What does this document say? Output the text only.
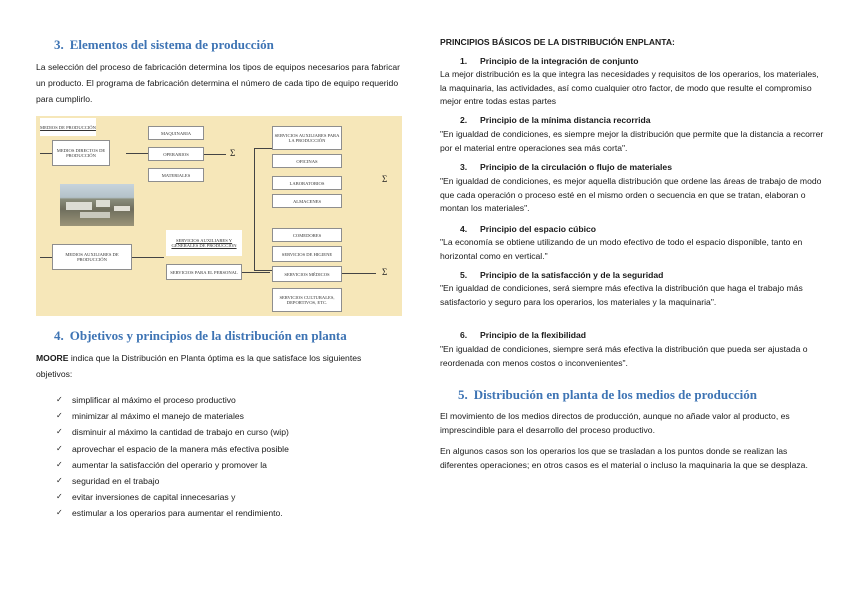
3. Elementos del sistema de producción

La selección del proceso de fabricación determina los tipos de equipos necesarios para fabricar un producto. El programa de fabricación determina el número de cada tipo de equipo requerido para cumplirlo.

MEDIOS DE PRODUCCIÓN
MEDIOS DIRECTOS DE PRODUCCIÓN
MEDIOS AUXILIARES DE PRODUCCIÓN
MAQUINARIA
OPERARIOS
MATERIALES
Σ
SERVICIOS AUXILIARES PARA LA PRODUCCIÓN
OFICINAS
LABORATORIOS
ALMACENES
Σ
SERVICIOS AUXILIARES Y GENERALES DE PRODUCCIÓN
SERVICIOS PARA EL PERSONAL
COMEDORES
SERVICIOS DE HIGIENE
SERVICIOS MÉDICOS
SERVICIOS CULTURALES, DEPORTIVOS, ETC.
Σ
4. Objetivos y principios de la distribución en planta

MOORE indica que la Distribución en Planta óptima es la que satisface los siguientes objetivos:

✓ simplificar al máximo el proceso productivo
✓ minimizar al máximo el manejo de materiales
✓ disminuir al máximo la cantidad de trabajo en curso (wip)
✓ aprovechar el espacio de la manera más efectiva posible
✓ aumentar la satisfacción del operario y promover la
✓ seguridad en el trabajo
✓ evitar inversiones de capital innecesarias y
✓ estimular a los operarios para aumentar el rendimiento.
PRINCIPIOS BÁSICOS DE LA DISTRIBUCIÓN ENPLANTA:
1. Principio de la integración de conjunto

La mejor distribución es la que integra las necesidades y requisitos de los operarios, los materiales, la maquinaria, las actividades, así como cualquier otro factor, de modo que resulte el compromiso mejor entre todas estas partes

2. Principio de la mínima distancia recorrida

"En igualdad de condiciones, es siempre mejor la distribución que permite que la distancia a recorrer por el material entre operaciones sea más corta".

3. Principio de la circulación o flujo de materiales

"En igualdad de condiciones, es mejor aquella distribución que ordene las áreas de trabajo de modo que cada operación o proceso esté en el mismo orden o secuencia en que se tratan, elaboran o montan los materiales".

4. Principio del espacio cúbico

"La economía se obtiene utilizando de un modo efectivo de todo el espacio disponible, tanto en horizontal como en vertical."

5. Principio de la satisfacción y de la seguridad

"En igualdad de condiciones, será siempre más efectiva la distribución que haga el trabajo más satisfactorio y seguro para los operarios, los materiales y la maquinaria".

6. Principio de la flexibilidad

"En igualdad de condiciones, siempre será más efectiva la distribución que pueda ser ajustada o reordenada con menos costos o inconvenientes".

5. Distribución en planta de los medios de producción

El movimiento de los medios directos de producción, aunque no añade valor al producto, es imprescindible para el desarrollo del proceso productivo.

En algunos casos son los operarios los que se trasladan a los puntos donde se realizan las diferentes operaciones; en otros casos es el material o incluso la maquinaria la que se desplaza.
